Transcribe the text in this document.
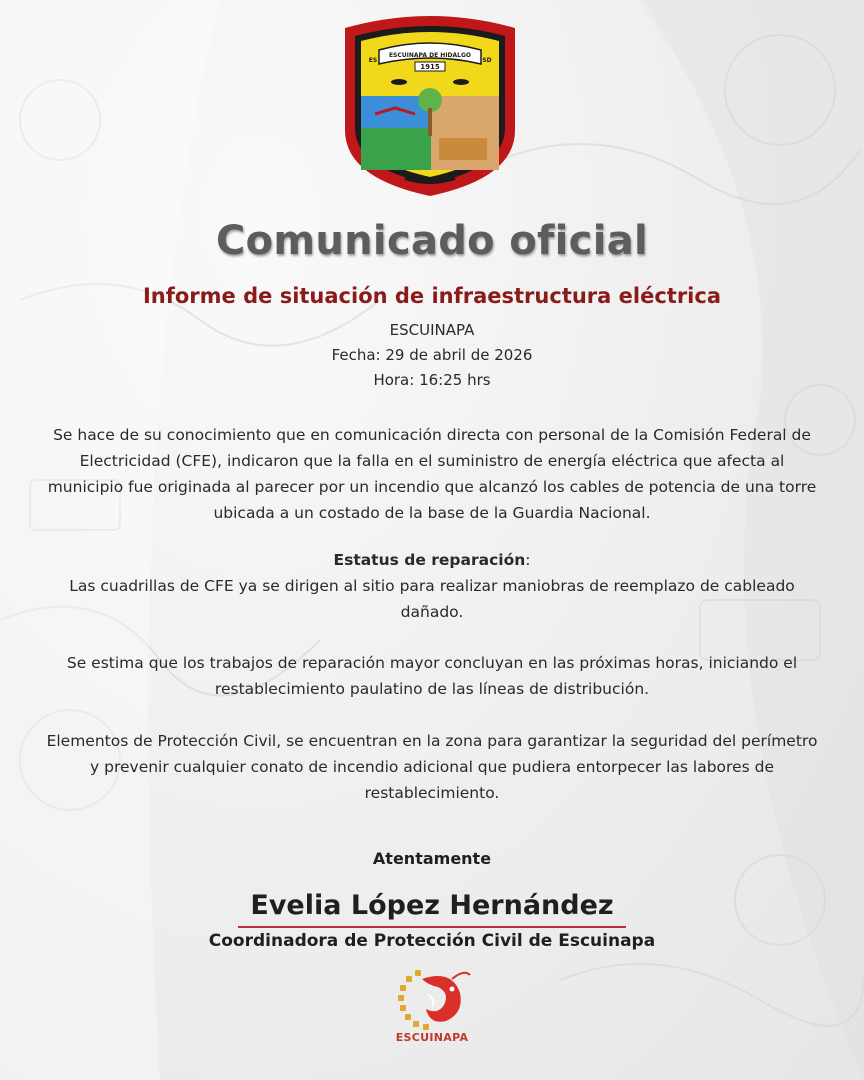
ESCUINAPA DE HIDALGO
1915
ES	SD
Comunicado oficial
Informe de situación de infraestructura eléctrica
ESCUINAPA
Fecha: 29 de abril de 2026
Hora: 16:25 hrs
Se hace de su conocimiento que en comunicación directa con personal de la Comisión Federal de Electricidad (CFE), indicaron que la falla en el suministro de energía eléctrica que afecta al municipio fue originada al parecer por un incendio que alcanzó los cables de potencia de una torre ubicada a un costado de la base de la Guardia Nacional.
Estatus de reparación:
Las cuadrillas de CFE ya se dirigen al sitio para realizar maniobras de reemplazo de cableado dañado.
Se estima que los trabajos de reparación mayor concluyan en las próximas horas, iniciando el restablecimiento paulatino de las líneas de distribución.
Elementos de Protección Civil, se encuentran en la zona para garantizar la seguridad del perímetro y prevenir cualquier conato de incendio adicional que pudiera entorpecer las labores de restablecimiento.
Atentamente
Evelia López Hernández
Coordinadora de Protección Civil de Escuinapa
ESCUINAPA
